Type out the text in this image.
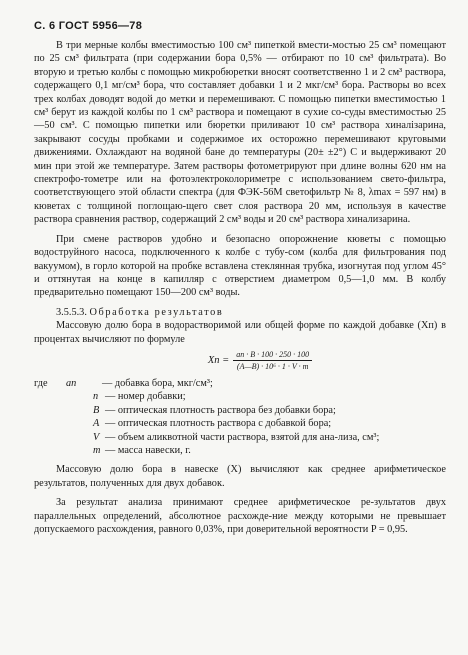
С. 6 ГОСТ 5956—78

В три мерные колбы вместимостью 100 см³ пипеткой вмести-мостью 25 см³ помещают по 25 см³ фильтрата (при содержании бора 0,5% — отбирают по 10 см³ фильтрата). Во вторую и третью колбы с помощью микробюретки вносят соответственно 1 и 2 см³ раствора, содержащего 0,1 мг/см³ бора, что составляет добавки 1 и 2 мкг/см³ бора. Растворы во всех трех колбах доводят водой до метки и перемешивают. С помощью пипетки вместимостью 1 см³ берут из каждой колбы по 1 см³ раствора и помещают в сухие со-суды вместимостью 25—50 см³. С помощью пипетки или бюретки приливают 10 см³ раствора хиналізарина, закрывают сосуды пробками и содержимое их осторожно перемешивают круговыми движениями. Охлаждают на водяной бане до температуры (20± ±2°) С и выдерживают 20 мин при этой же температуре. Затем растворы фотометрируют при длине волны 620 нм на спектрофо-тометре или на фотоэлектроколориметре с использованием свето-фильтра, соответствующего этой области спектра (для ФЭК-56М светофильтр № 8, λmax = 597 нм) в кюветах с толщиной поглощаю-щего свет слоя раствора 20 мм, используя в качестве раствора сравнения раствор, содержащий 2 см³ воды и 20 см³ раствора хинализарина.

При смене растворов удобно и безопасно опорожнение кюветы с помощью водоструйного насоса, подключенного к колбе с тубу-сом (колба для фильтрования под вакуумом), в горло которой на пробке вставлена стеклянная трубка, изогнутая под углом 45° и оттянутая на конце в капилляр с отверстием диаметром 0,5—1,0 мм. В колбу предварительно помещают 150—200 см³ воды.

3.5.5.3. Обработка результатов

Массовую долю бора в водорастворимой или общей форме по каждой добавке (Xп) в процентах вычисляют по формуле

Xп = $\frac{aп \cdot B \cdot 100 \cdot 250 \cdot 100}{\text{(A—B) · 10⁶ · 1 · V · m}}$
где	aп	— добавка бора, мкг/см³;
n — номер добавки;
B — оптическая плотность раствора без добавки бора;
A — оптическая плотность раствора с добавкой бора;
V — объем аликвотной части раствора, взятой для ана-лиза, см³;
m — масса навески, г.

Массовую долю бора в навеске (X) вычисляют как среднее арифметическое результатов, полученных для двух добавок.

За результат анализа принимают среднее арифметическое ре-зультатов двух параллельных определений, абсолютное расхожде-ние между которыми не превышает допускаемого расхождения, равного 0,03%, при доверительной вероятности P = 0,95.
